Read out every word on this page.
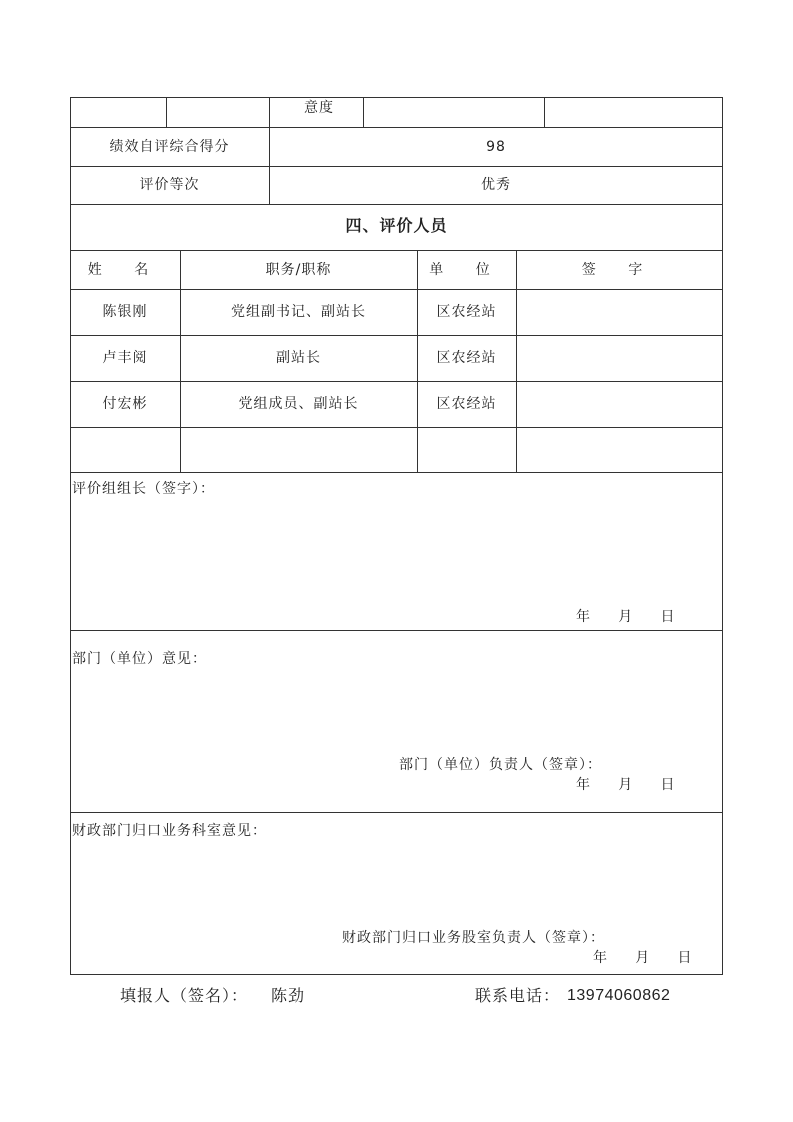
意度
绩效自评综合得分	98
评价等次	优秀
四、评价人员
姓 名	职务/职称	单 位	签 字
陈银刚	党组副书记、副站长	区农经站
卢丰阅	副站长	区农经站
付宏彬	党组成员、副站长	区农经站
评价组组长（签字）：
年     月     日
部门（单位）意见：
部门（单位）负责人（签章）：
年     月     日
财政部门归口业务科室意见：
财政部门归口业务股室负责人（签章）：
年     月     日
填报人（签名）： 陈劲	联系电话： 13974060862
